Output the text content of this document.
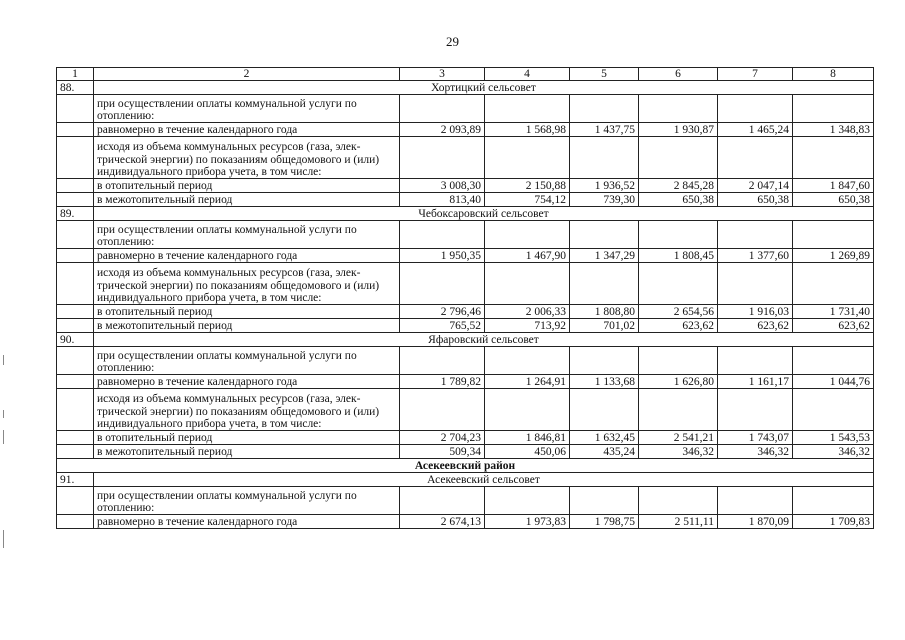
29
1	2	3	4	5	6	7	8
88.	Хортицкий сельсовет						
	при осуществлении оплаты коммунальной услуги по отоплению:						
	равномерно в течение календарного года	2 093,89	1 568,98	1 437,75	1 930,87	1 465,24	1 348,83
	исходя из объема коммунальных ресурсов (газа, элек-трической энергии) по показаниям общедомового и (или) индивидуального прибора учета, в том числе:						
	в отопительный период	3 008,30	2 150,88	1 936,52	2 845,28	2 047,14	1 847,60
	в межотопительный период	813,40	754,12	739,30	650,38	650,38	650,38
89.	Чебоксаровский сельсовет						
	при осуществлении оплаты коммунальной услуги по отоплению:						
	равномерно в течение календарного года	1 950,35	1 467,90	1 347,29	1 808,45	1 377,60	1 269,89
	исходя из объема коммунальных ресурсов (газа, элек-трической энергии) по показаниям общедомового и (или) индивидуального прибора учета, в том числе:						
	в отопительный период	2 796,46	2 006,33	1 808,80	2 654,56	1 916,03	1 731,40
	в межотопительный период	765,52	713,92	701,02	623,62	623,62	623,62
90.	Яфаровский сельсовет						
	при осуществлении оплаты коммунальной услуги по отоплению:						
	равномерно в течение календарного года	1 789,82	1 264,91	1 133,68	1 626,80	1 161,17	1 044,76
	исходя из объема коммунальных ресурсов (газа, элек-трической энергии) по показаниям общедомового и (или) индивидуального прибора учета, в том числе:						
	в отопительный период	2 704,23	1 846,81	1 632,45	2 541,21	1 743,07	1 543,53
	в межотопительный период	509,34	450,06	435,24	346,32	346,32	346,32
Асекеевский район							
91.	Асекеевский сельсовет						
	при осуществлении оплаты коммунальной услуги по отоплению:						
	равномерно в течение календарного года	2 674,13	1 973,83	1 798,75	2 511,11	1 870,09	1 709,83
